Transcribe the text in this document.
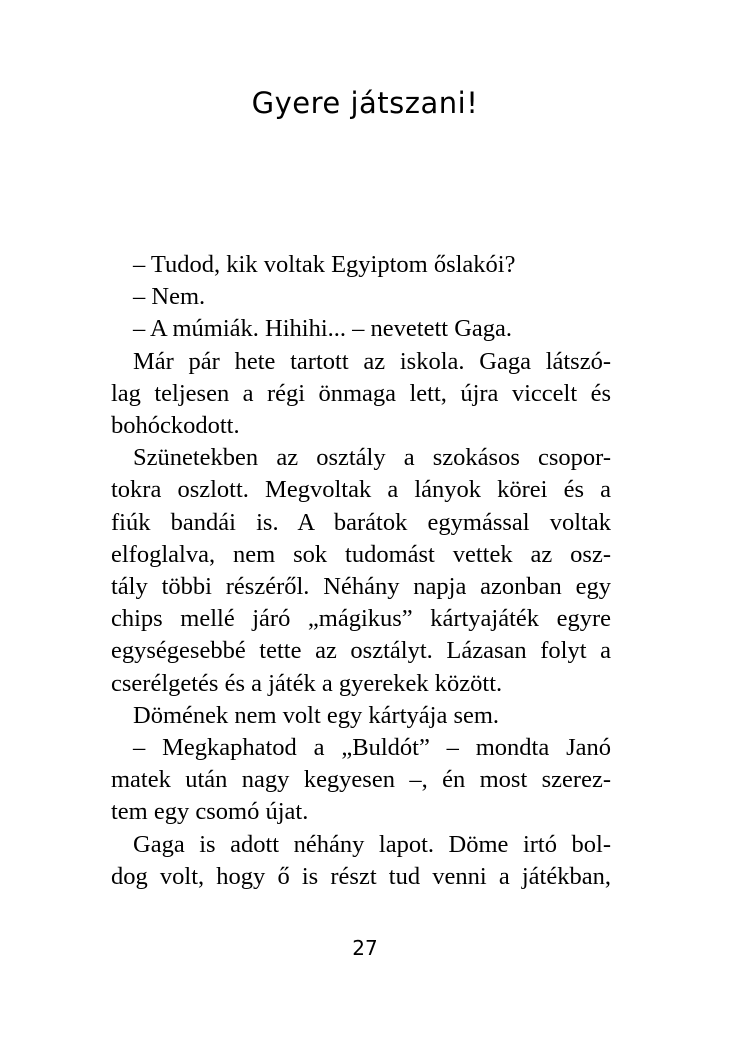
Gyere játszani!
– Tudod, kik voltak Egyiptom őslakói?
– Nem.
– A múmiák. Hihihi... – nevetett Gaga.
Már pár hete tartott az iskola. Gaga látszó-
lag teljesen a régi önmaga lett, újra viccelt és
bohóckodott.
Szünetekben az osztály a szokásos csopor-
tokra oszlott. Megvoltak a lányok körei és a
fiúk bandái is. A barátok egymással voltak
elfoglalva, nem sok tudomást vettek az osz-
tály többi részéről. Néhány napja azonban egy
chips mellé járó „mágikus” kártyajáték egyre
egységesebbé tette az osztályt. Lázasan folyt a
cserélgetés és a játék a gyerekek között.
Dömének nem volt egy kártyája sem.
– Megkaphatod a „Buldót” – mondta Janó
matek után nagy kegyesen –, én most szerez-
tem egy csomó újat.
Gaga is adott néhány lapot. Döme irtó bol-
dog volt, hogy ő is részt tud venni a játékban,
27
